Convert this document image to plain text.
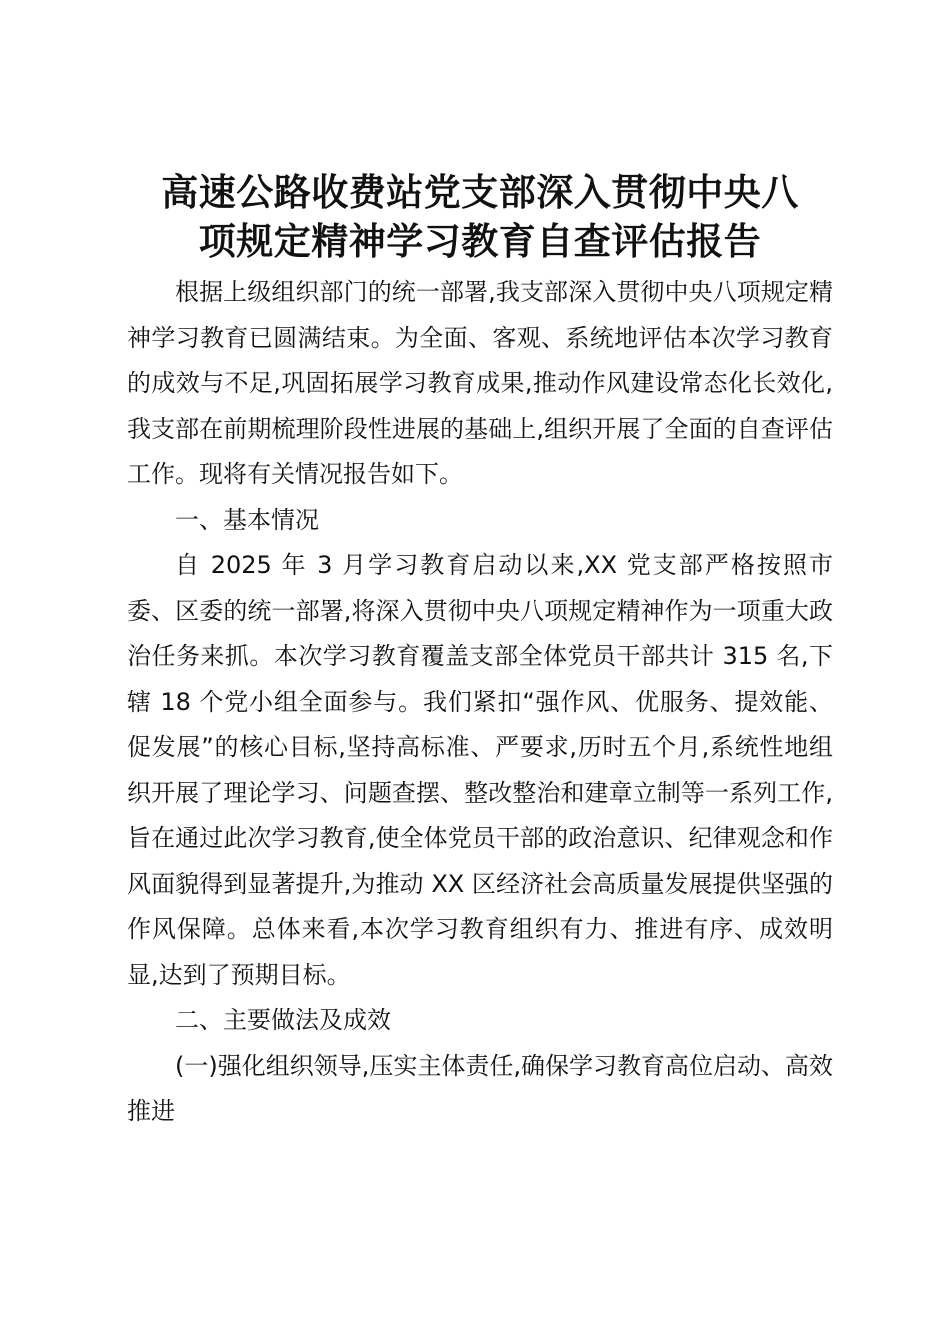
高速公路收费站党支部深入贯彻中央八
项规定精神学习教育自查评估报告

根据上级组织部门的统一部署,我支部深入贯彻中央八项规定精神学习教育已圆满结束。为全面、客观、系统地评估本次学习教育的成效与不足,巩固拓展学习教育成果,推动作风建设常态化长效化,我支部在前期梳理阶段性进展的基础上,组织开展了全面的自查评估工作。现将有关情况报告如下。

一、基本情况

自 2025 年 3 月学习教育启动以来,XX 党支部严格按照市委、区委的统一部署,将深入贯彻中央八项规定精神作为一项重大政治任务来抓。本次学习教育覆盖支部全体党员干部共计 315 名,下辖 18 个党小组全面参与。我们紧扣“强作风、优服务、提效能、促发展”的核心目标,坚持高标准、严要求,历时五个月,系统性地组织开展了理论学习、问题查摆、整改整治和建章立制等一系列工作,旨在通过此次学习教育,使全体党员干部的政治意识、纪律观念和作风面貌得到显著提升,为推动 XX 区经济社会高质量发展提供坚强的作风保障。总体来看,本次学习教育组织有力、推进有序、成效明显,达到了预期目标。

二、主要做法及成效

(一)强化组织领导,压实主体责任,确保学习教育高位启动、高效推进
